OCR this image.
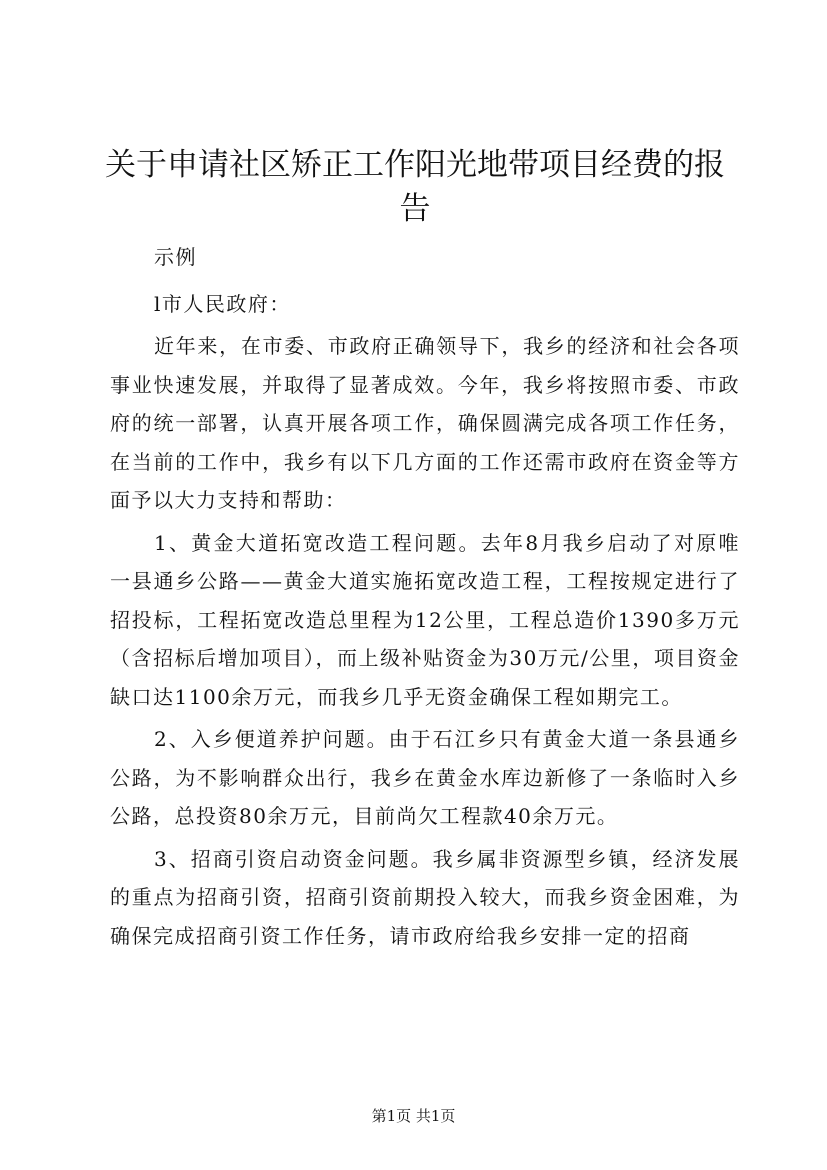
关于申请社区矫正工作阳光地带项目经费的报告

示例

l市人民政府：

近年来，在市委、市政府正确领导下，我乡的经济和社会各项事业快速发展，并取得了显著成效。今年，我乡将按照市委、市政府的统一部署，认真开展各项工作，确保圆满完成各项工作任务，在当前的工作中，我乡有以下几方面的工作还需市政府在资金等方面予以大力支持和帮助：

1、黄金大道拓宽改造工程问题。去年8月我乡启动了对原唯一县通乡公路——黄金大道实施拓宽改造工程，工程按规定进行了招投标，工程拓宽改造总里程为12公里，工程总造价1390多万元（含招标后增加项目），而上级补贴资金为30万元/公里，项目资金缺口达1100余万元，而我乡几乎无资金确保工程如期完工。

2、入乡便道养护问题。由于石江乡只有黄金大道一条县通乡公路，为不影响群众出行，我乡在黄金水库边新修了一条临时入乡公路，总投资80余万元，目前尚欠工程款40余万元。

3、招商引资启动资金问题。我乡属非资源型乡镇，经济发展的重点为招商引资，招商引资前期投入较大，而我乡资金困难，为确保完成招商引资工作任务，请市政府给我乡安排一定的招商

第1页 共1页
